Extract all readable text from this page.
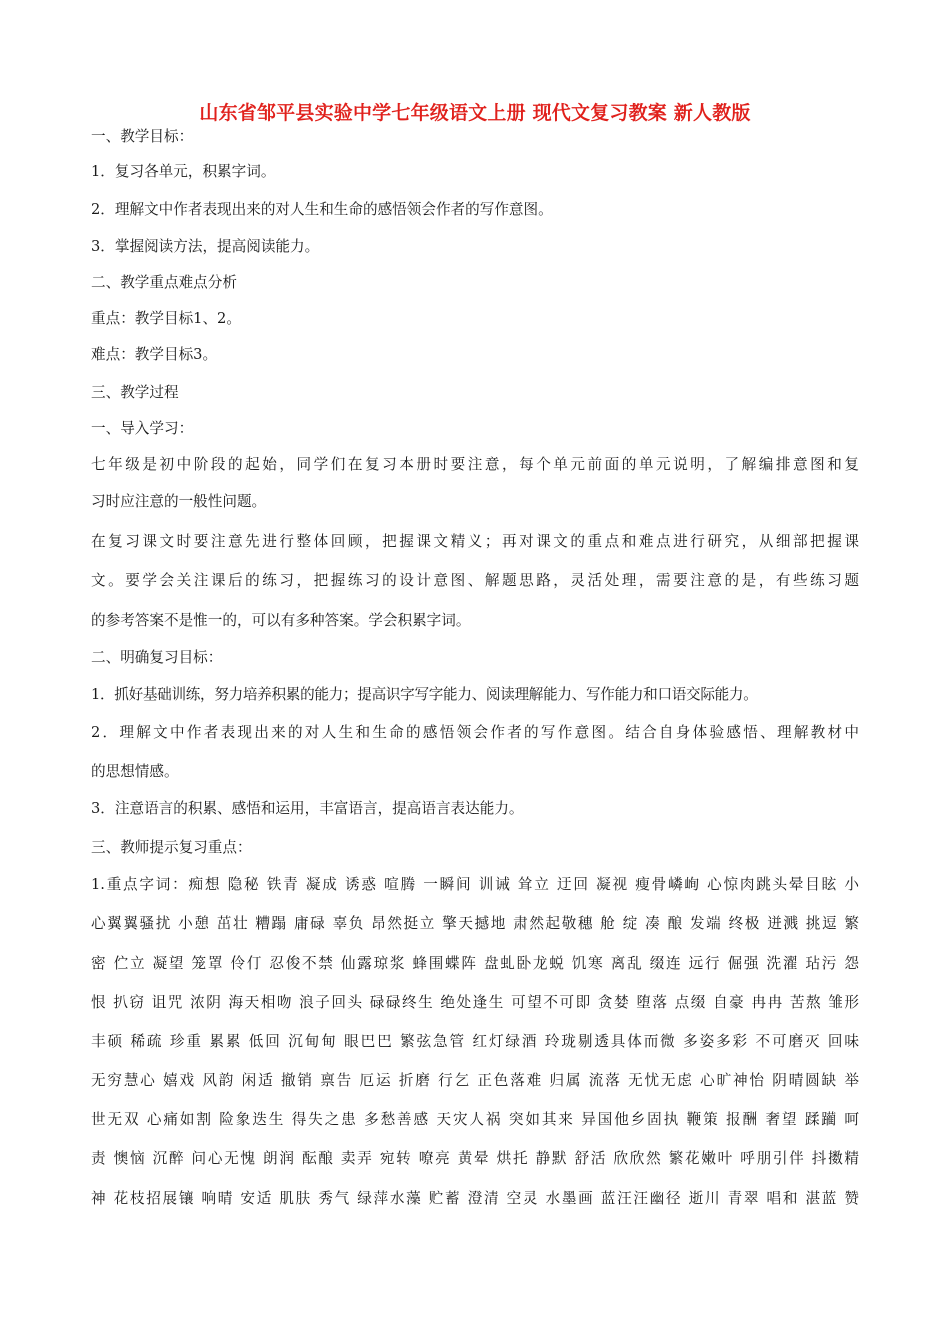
山东省邹平县实验中学七年级语文上册 现代文复习教案 新人教版
一、教学目标：
1．复习各单元，积累字词。
2．理解文中作者表现出来的对人生和生命的感悟领会作者的写作意图。
3．掌握阅读方法，提高阅读能力。
二、教学重点难点分析
重点：教学目标1、2。
难点：教学目标3。
三、教学过程
一、导入学习：
七年级是初中阶段的起始，同学们在复习本册时要注意，每个单元前面的单元说明，了解编排意图和复
习时应注意的一般性问题。
在复习课文时要注意先进行整体回顾，把握课文精义；再对课文的重点和难点进行研究，从细部把握课
文。要学会关注课后的练习，把握练习的设计意图、解题思路，灵活处理，需要注意的是，有些练习题
的参考答案不是惟一的，可以有多种答案。学会积累字词。
二、明确复习目标：
1．抓好基础训练，努力培养积累的能力；提高识字写字能力、阅读理解能力、写作能力和口语交际能力。
2．理解文中作者表现出来的对人生和生命的感悟领会作者的写作意图。结合自身体验感悟、理解教材中
的思想情感。
3．注意语言的积累、感悟和运用，丰富语言，提高语言表达能力。
三、教师提示复习重点：
1.重点字词：痴想 隐秘 铁青 凝成 诱惑 喧腾 一瞬间 训诫 耸立 迂回 凝视 瘦骨嶙峋 心惊肉跳头晕目眩 小
心翼翼骚扰 小憩 茁壮 糟蹋 庸碌 辜负 昂然挺立 擎天撼地 肃然起敬穗 舱 绽 凑 酿 发端 终极 迸溅 挑逗 繁
密 伫立 凝望 笼罩 伶仃 忍俊不禁 仙露琼浆 蜂围蝶阵 盘虬卧龙蜕 饥寒 离乱 缀连 远行 倔强 洗濯 玷污 怨
恨 扒窃 诅咒 浓阴 海天相吻 浪子回头 碌碌终生 绝处逢生 可望不可即 贪婪 堕落 点缀 自豪 冉冉 苦熬 雏形
丰硕 稀疏 珍重 累累 低回 沉甸甸 眼巴巴 繁弦急管 红灯绿酒 玲珑剔透具体而微 多姿多彩 不可磨灭 回味
无穷慧心 嬉戏 风韵 闲适 撤销 禀告 厄运 折磨 行乞 正色落难 归属 流落 无忧无虑 心旷神怡 阴晴圆缺 举
世无双 心痛如割 险象迭生 得失之患 多愁善感 天灾人祸 突如其来 异国他乡固执 鞭策 报酬 奢望 蹂躏 呵
责 懊恼 沉醉 问心无愧 朗润 酝酿 卖弄 宛转 嘹亮 黄晕 烘托 静默 舒活 欣欣然 繁花嫩叶 呼朋引伴 抖擞精
神 花枝招展镶 响晴 安适 肌肤 秀气 绿萍水藻 贮蓄 澄清 空灵 水墨画 蓝汪汪幽径 逝川 青翠 唱和 湛蓝 赞
